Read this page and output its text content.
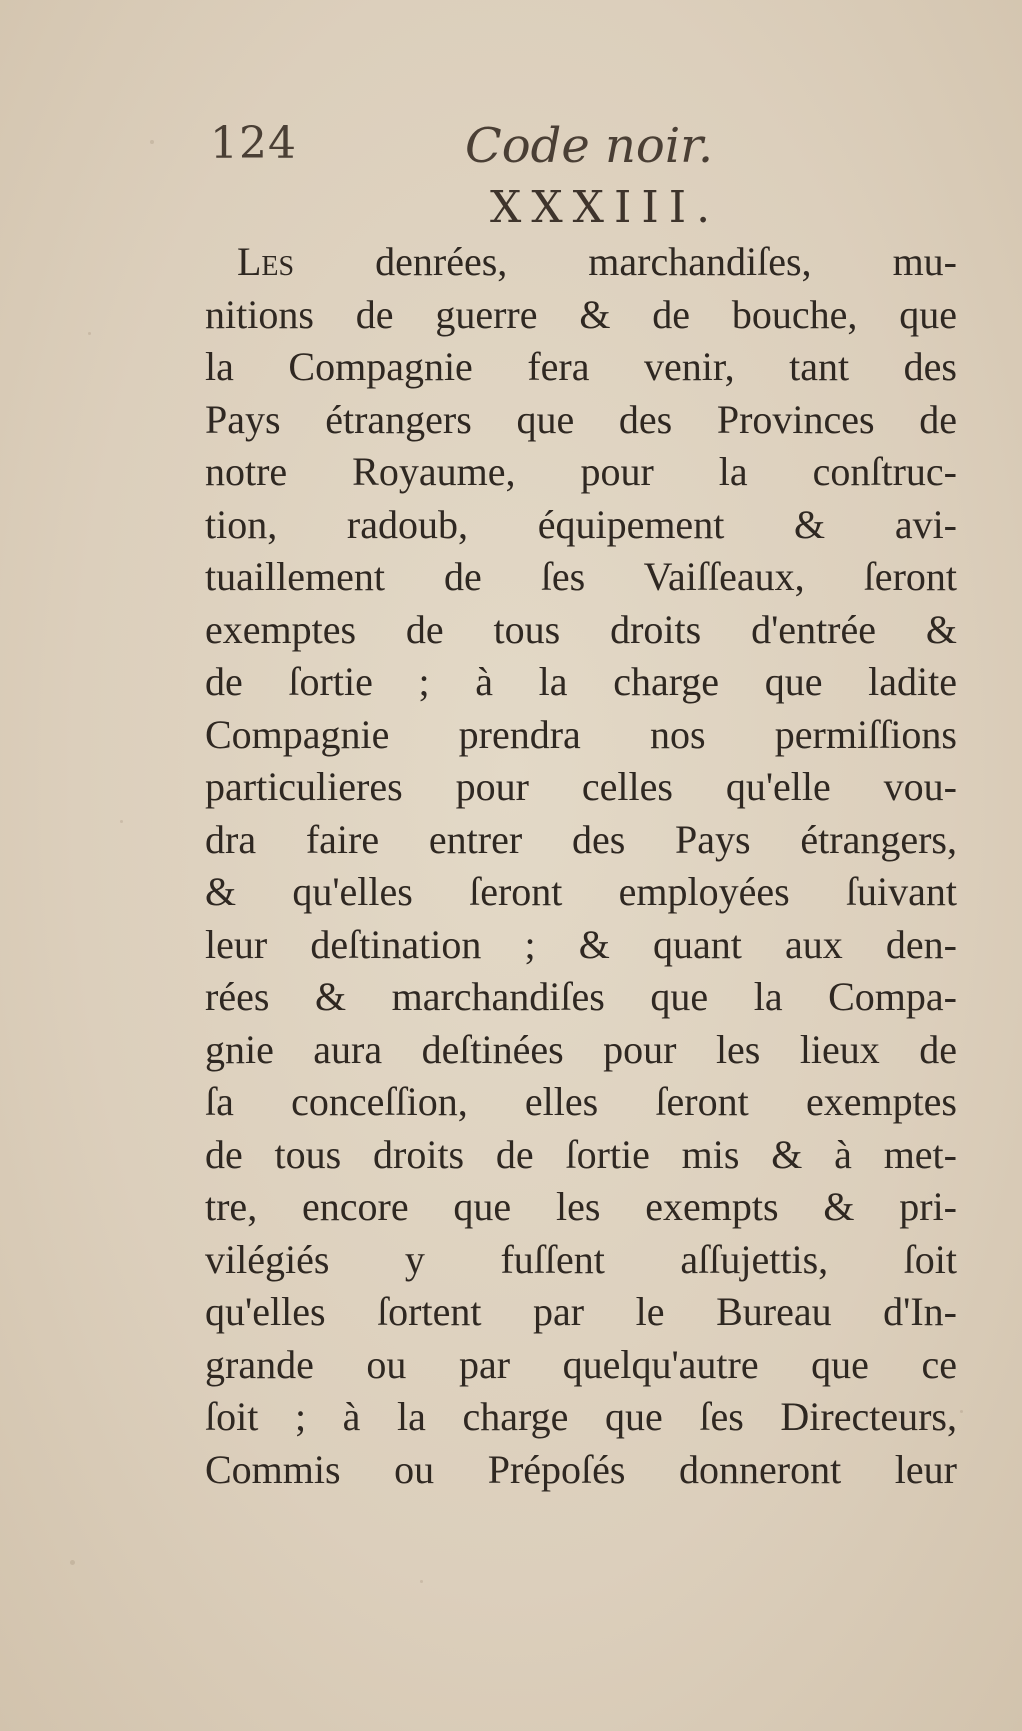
124	Code noir.
XXXIII.
Les denrées, marchandiſes, mu-
nitions de guerre & de bouche, que
la Compagnie fera venir, tant des
Pays étrangers que des Provinces de
notre Royaume, pour la conſtruc-
tion, radoub, équipement & avi-
tuaillement de ſes Vaiſſeaux, ſeront
exemptes de tous droits d'entrée &
de ſortie ; à la charge que ladite
Compagnie prendra nos permiſſions
particulieres pour celles qu'elle vou-
dra faire entrer des Pays étrangers,
& qu'elles ſeront employées ſuivant
leur deſtination ; & quant aux den-
rées & marchandiſes que la Compa-
gnie aura deſtinées pour les lieux de
ſa conceſſion, elles ſeront exemptes
de tous droits de ſortie mis & à met-
tre, encore que les exempts & pri-
vilégiés y fuſſent aſſujettis, ſoit
qu'elles ſortent par le Bureau d'In-
grande ou par quelqu'autre que ce
ſoit ; à la charge que ſes Directeurs,
Commis ou Prépoſés donneront leur
